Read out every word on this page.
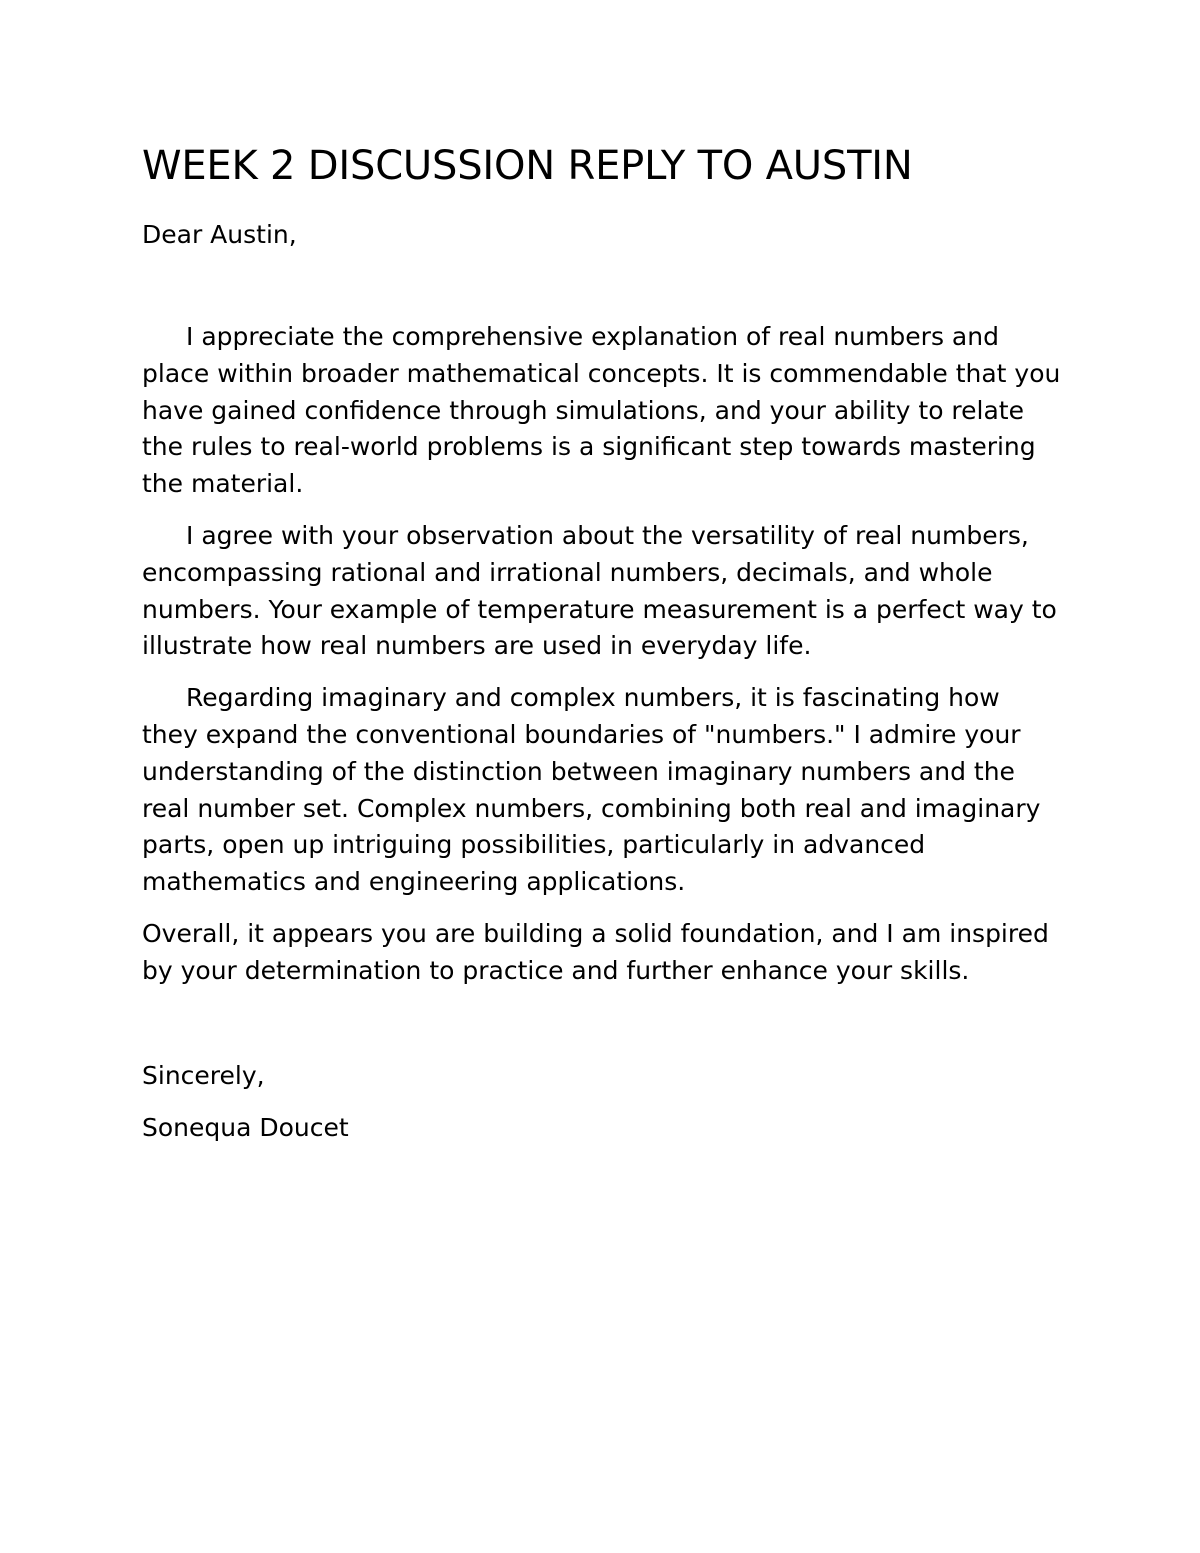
WEEK 2 DISCUSSION REPLY TO AUSTIN

Dear Austin,

I appreciate the comprehensive explanation of real numbers and place within broader mathematical concepts. It is commendable that you have gained confidence through simulations, and your ability to relate the rules to real-world problems is a significant step towards mastering the material.

I agree with your observation about the versatility of real numbers, encompassing rational and irrational numbers, decimals, and whole numbers. Your example of temperature measurement is a perfect way to illustrate how real numbers are used in everyday life.

Regarding imaginary and complex numbers, it is fascinating how they expand the conventional boundaries of "numbers." I admire your understanding of the distinction between imaginary numbers and the real number set. Complex numbers, combining both real and imaginary parts, open up intriguing possibilities, particularly in advanced mathematics and engineering applications.

Overall, it appears you are building a solid foundation, and I am inspired by your determination to practice and further enhance your skills.

Sincerely,

Sonequa Doucet
